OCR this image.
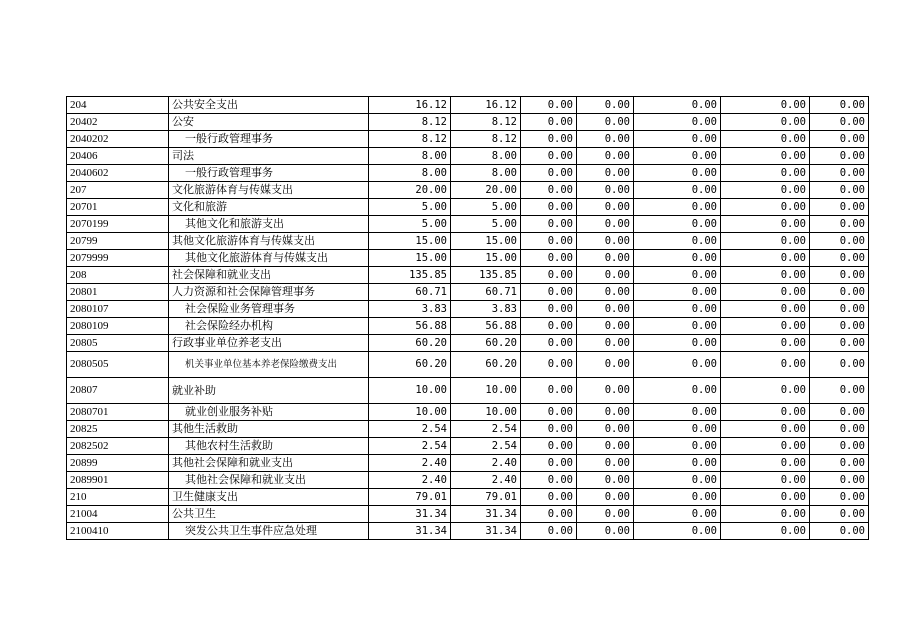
204	公共安全支出	16.12	16.12	0.00	0.00	0.00	0.00	0.00
20402	公安	8.12	8.12	0.00	0.00	0.00	0.00	0.00
2040202	一般行政管理事务	8.12	8.12	0.00	0.00	0.00	0.00	0.00
20406	司法	8.00	8.00	0.00	0.00	0.00	0.00	0.00
2040602	一般行政管理事务	8.00	8.00	0.00	0.00	0.00	0.00	0.00
207	文化旅游体育与传媒支出	20.00	20.00	0.00	0.00	0.00	0.00	0.00
20701	文化和旅游	5.00	5.00	0.00	0.00	0.00	0.00	0.00
2070199	其他文化和旅游支出	5.00	5.00	0.00	0.00	0.00	0.00	0.00
20799	其他文化旅游体育与传媒支出	15.00	15.00	0.00	0.00	0.00	0.00	0.00
2079999	其他文化旅游体育与传媒支出	15.00	15.00	0.00	0.00	0.00	0.00	0.00
208	社会保障和就业支出	135.85	135.85	0.00	0.00	0.00	0.00	0.00
20801	人力资源和社会保障管理事务	60.71	60.71	0.00	0.00	0.00	0.00	0.00
2080107	社会保险业务管理事务	3.83	3.83	0.00	0.00	0.00	0.00	0.00
2080109	社会保险经办机构	56.88	56.88	0.00	0.00	0.00	0.00	0.00
20805	行政事业单位养老支出	60.20	60.20	0.00	0.00	0.00	0.00	0.00
2080505	机关事业单位基本养老保险缴费支出	60.20	60.20	0.00	0.00	0.00	0.00	0.00
20807	就业补助	10.00	10.00	0.00	0.00	0.00	0.00	0.00
2080701	就业创业服务补贴	10.00	10.00	0.00	0.00	0.00	0.00	0.00
20825	其他生活救助	2.54	2.54	0.00	0.00	0.00	0.00	0.00
2082502	其他农村生活救助	2.54	2.54	0.00	0.00	0.00	0.00	0.00
20899	其他社会保障和就业支出	2.40	2.40	0.00	0.00	0.00	0.00	0.00
2089901	其他社会保障和就业支出	2.40	2.40	0.00	0.00	0.00	0.00	0.00
210	卫生健康支出	79.01	79.01	0.00	0.00	0.00	0.00	0.00
21004	公共卫生	31.34	31.34	0.00	0.00	0.00	0.00	0.00
2100410	突发公共卫生事件应急处理	31.34	31.34	0.00	0.00	0.00	0.00	0.00
